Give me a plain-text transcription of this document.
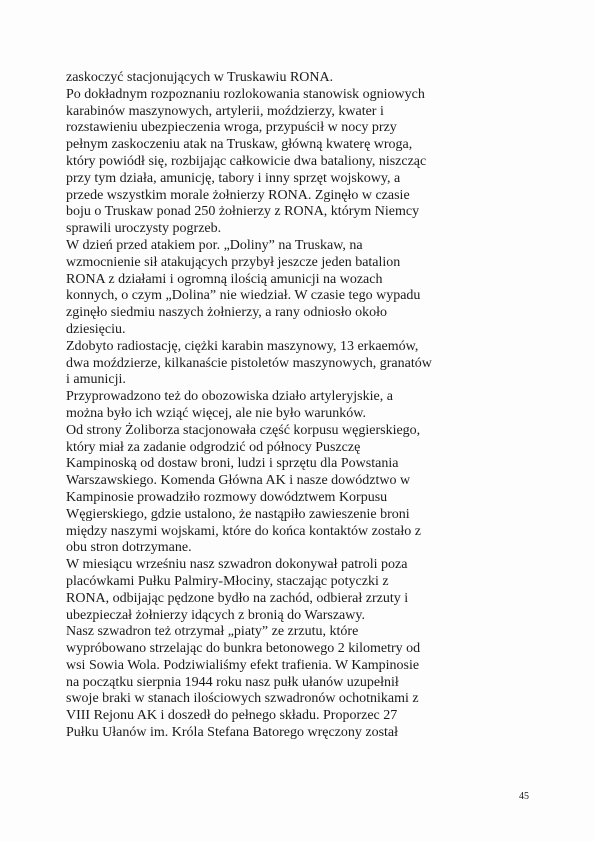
zaskoczyć stacjonujących w Truskawiu RONA.
Po dokładnym rozpoznaniu rozlokowania stanowisk ogniowych
karabinów maszynowych, artylerii, moździerzy, kwater i
rozstawieniu ubezpieczenia wroga, przypuścił w nocy przy
pełnym zaskoczeniu atak na Truskaw, główną kwaterę wroga,
który powiódł się, rozbijając całkowicie dwa bataliony, niszcząc
przy tym działa, amunicję, tabory i inny sprzęt wojskowy, a
przede wszystkim morale żołnierzy RONA. Zginęło w czasie
boju o Truskaw ponad 250 żołnierzy z RONA, którym Niemcy
sprawili uroczysty pogrzeb.
W dzień przed atakiem por. „Doliny” na Truskaw, na
wzmocnienie sił atakujących przybył jeszcze jeden batalion
RONA z działami i ogromną ilością amunicji na wozach
konnych, o czym „Dolina” nie wiedział. W czasie tego wypadu
zginęło siedmiu naszych żołnierzy, a rany odniosło około
dziesięciu.
Zdobyto radiostację, ciężki karabin maszynowy, 13 erkaemów,
dwa moździerze, kilkanaście pistoletów maszynowych, granatów
i amunicji.
Przyprowadzono też do obozowiska działo artyleryjskie, a
można było ich wziąć więcej, ale nie było warunków.
Od strony Żoliborza stacjonowała część korpusu węgierskiego,
który miał za zadanie odgrodzić od północy Puszczę
Kampinoską od dostaw broni, ludzi i sprzętu dla Powstania
Warszawskiego. Komenda Główna AK i nasze dowództwo w
Kampinosie prowadziło rozmowy dowództwem Korpusu
Węgierskiego, gdzie ustalono, że nastąpiło zawieszenie broni
między naszymi wojskami, które do końca kontaktów zostało z
obu stron dotrzymane.
W miesiącu wrześniu nasz szwadron dokonywał patroli poza
placówkami Pułku Palmiry-Młociny, staczając potyczki z
RONA, odbijając pędzone bydło na zachód, odbierał zrzuty i
ubezpieczał żołnierzy idących z bronią do Warszawy.
Nasz szwadron też otrzymał „piaty” ze zrzutu, które
wypróbowano strzelając do bunkra betonowego 2 kilometry od
wsi Sowia Wola. Podziwialiśmy efekt trafienia. W Kampinosie
na początku sierpnia 1944 roku nasz pułk ułanów uzupełnił
swoje braki w stanach ilościowych szwadronów ochotnikami z
VIII Rejonu AK i doszedł do pełnego składu. Proporzec 27
Pułku Ułanów im. Króla Stefana Batorego wręczony został
45
